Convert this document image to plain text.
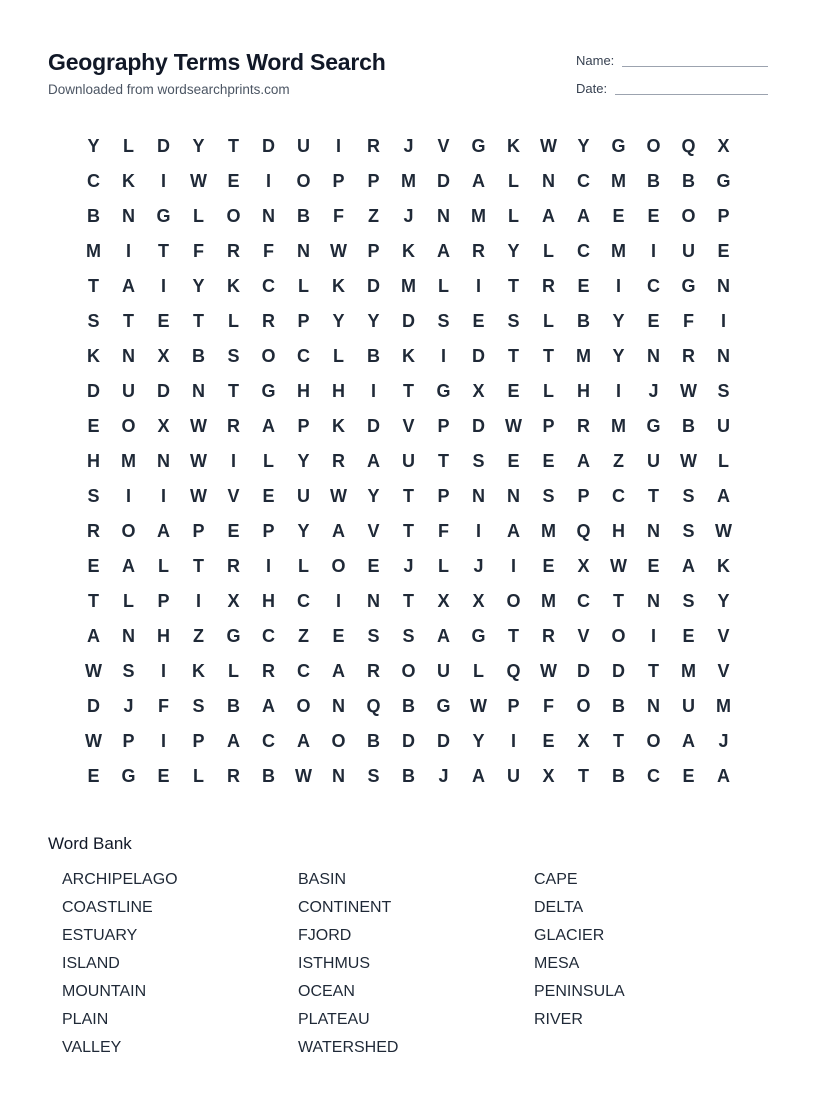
Geography Terms Word Search
Downloaded from wordsearchprints.com
Name:
Date:
Y	L	D	Y	T	D	U	I	R	J	V	G	K	W	Y	G	O	Q	X
C	K	I	W	E	I	O	P	P	M	D	A	L	N	C	M	B	B	G
B	N	G	L	O	N	B	F	Z	J	N	M	L	A	A	E	E	O	P
M	I	T	F	R	F	N	W	P	K	A	R	Y	L	C	M	I	U	E
T	A	I	Y	K	C	L	K	D	M	L	I	T	R	E	I	C	G	N
S	T	E	T	L	R	P	Y	Y	D	S	E	S	L	B	Y	E	F	I
K	N	X	B	S	O	C	L	B	K	I	D	T	T	M	Y	N	R	N
D	U	D	N	T	G	H	H	I	T	G	X	E	L	H	I	J	W	S
E	O	X	W	R	A	P	K	D	V	P	D	W	P	R	M	G	B	U
H	M	N	W	I	L	Y	R	A	U	T	S	E	E	A	Z	U	W	L
S	I	I	W	V	E	U	W	Y	T	P	N	N	S	P	C	T	S	A
R	O	A	P	E	P	Y	A	V	T	F	I	A	M	Q	H	N	S	W
E	A	L	T	R	I	L	O	E	J	L	J	I	E	X	W	E	A	K
T	L	P	I	X	H	C	I	N	T	X	X	O	M	C	T	N	S	Y
A	N	H	Z	G	C	Z	E	S	S	A	G	T	R	V	O	I	E	V
W	S	I	K	L	R	C	A	R	O	U	L	Q	W	D	D	T	M	V
D	J	F	S	B	A	O	N	Q	B	G	W	P	F	O	B	N	U	M
W	P	I	P	A	C	A	O	B	D	D	Y	I	E	X	T	O	A	J
E	G	E	L	R	B	W	N	S	B	J	A	U	X	T	B	C	E	A
Word Bank
ARCHIPELAGO	BASIN	CAPE
COASTLINE	CONTINENT	DELTA
ESTUARY	FJORD	GLACIER
ISLAND	ISTHMUS	MESA
MOUNTAIN	OCEAN	PENINSULA
PLAIN	PLATEAU	RIVER
VALLEY	WATERSHED
